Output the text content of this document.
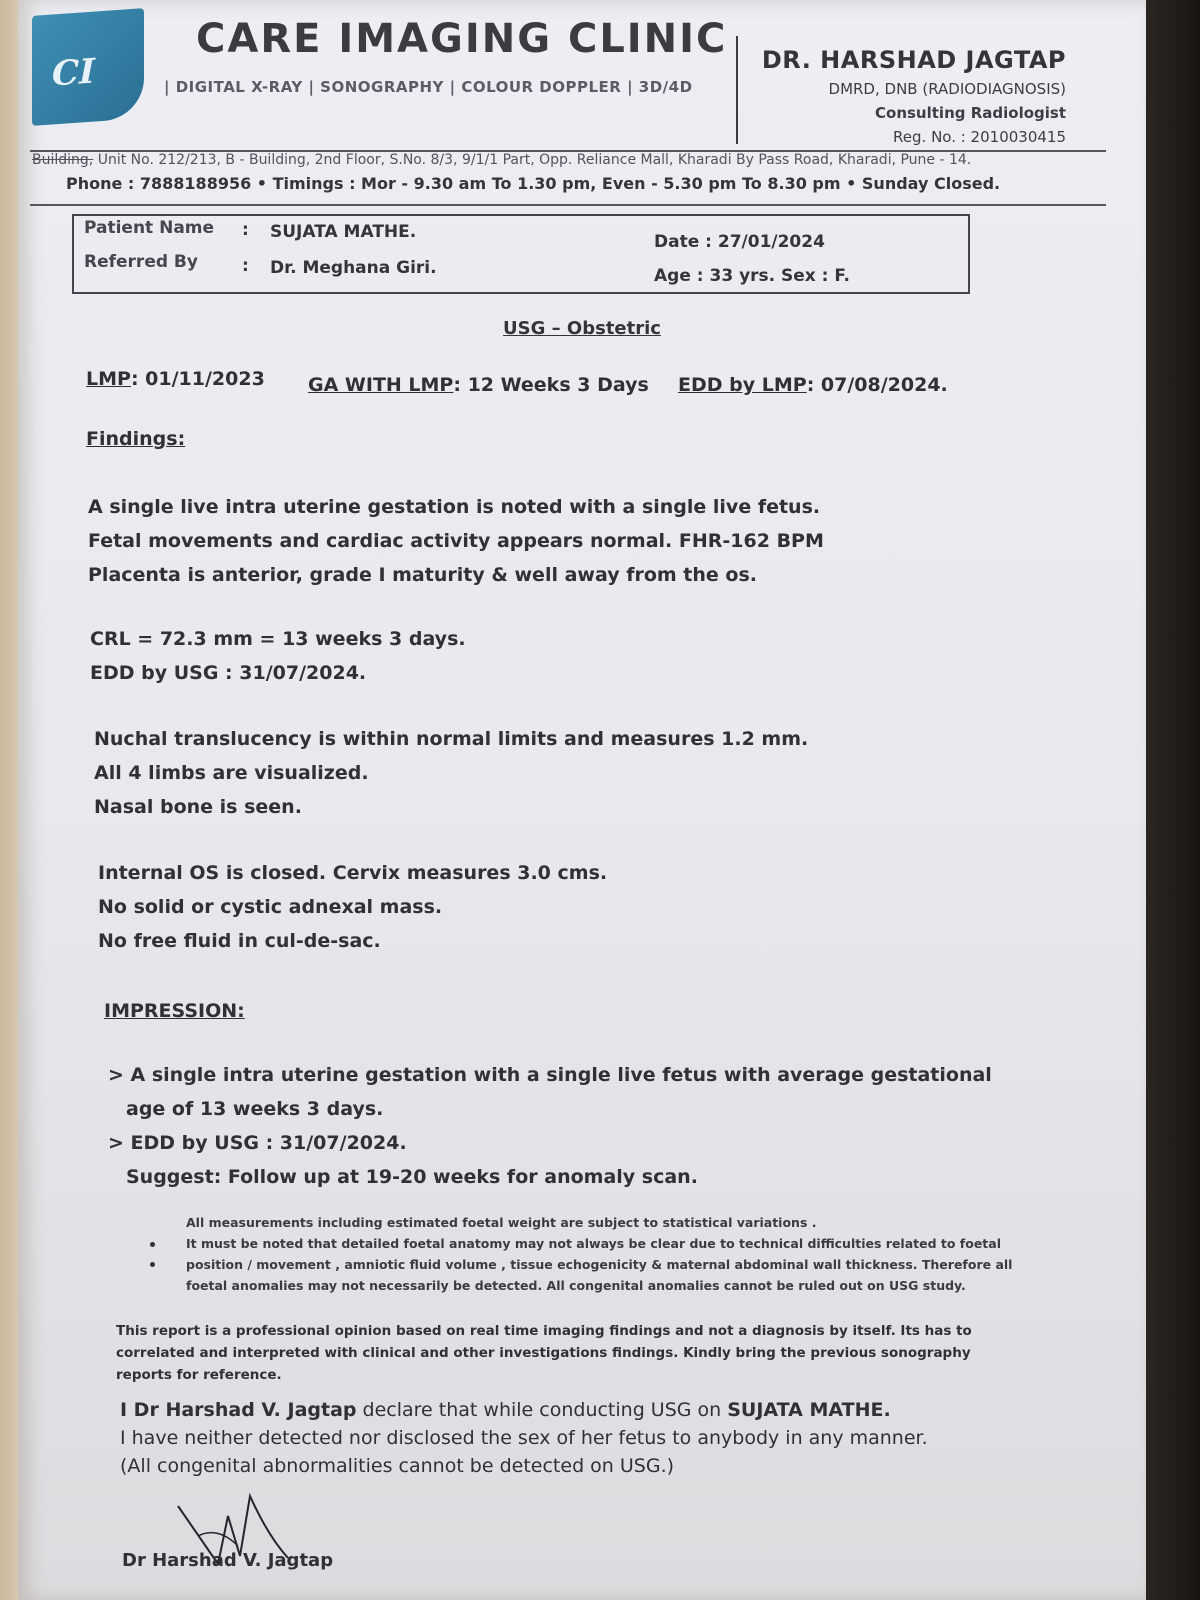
CI
CARE IMAGING CLINIC
| DIGITAL X-RAY | SONOGRAPHY | COLOUR DOPPLER | 3D/4D
DR. HARSHAD JAGTAP
DMRD, DNB (RADIODIAGNOSIS)
Consulting Radiologist
Reg. No. : 2010030415
Building, Unit No. 212/213, B - Building, 2nd Floor, S.No. 8/3, 9/1/1 Part, Opp. Reliance Mall, Kharadi By Pass Road, Kharadi, Pune - 14.
Phone : 7888188956 • Timings : Mor - 9.30 am To 1.30 pm, Even - 5.30 pm To 8.30 pm • Sunday Closed.
Patient Name : SUJATA MATHE.
Referred By	: Dr. Meghana Giri.
Date : 27/01/2024
Age : 33 yrs. Sex : F.
USG – Obstetric
LMP: 01/11/2023 GA WITH LMP: 12 Weeks 3 Days EDD by LMP: 07/08/2024.
Findings:
A single live intra uterine gestation is noted with a single live fetus.
Fetal movements and cardiac activity appears normal. FHR-162 BPM
Placenta is anterior, grade I maturity & well away from the os.
CRL = 72.3 mm = 13 weeks 3 days.
EDD by USG : 31/07/2024.
Nuchal translucency is within normal limits and measures 1.2 mm.
All 4 limbs are visualized.
Nasal bone is seen.
Internal OS is closed. Cervix measures 3.0 cms.
No solid or cystic adnexal mass.
No free fluid in cul-de-sac.
IMPRESSION:
> A single intra uterine gestation with a single live fetus with average gestational
age of 13 weeks 3 days.
> EDD by USG : 31/07/2024.
Suggest: Follow up at 19-20 weeks for anomaly scan.
All measurements including estimated foetal weight are subject to statistical variations .
It must be noted that detailed foetal anatomy may not always be clear due to technical difficulties related to foetal position / movement , amniotic fluid volume , tissue echogenicity & maternal abdominal wall thickness. Therefore all foetal anomalies may not necessarily be detected. All congenital anomalies cannot be ruled out on USG study.
This report is a professional opinion based on real time imaging findings and not a diagnosis by itself. Its has to correlated and interpreted with clinical and other investigations findings. Kindly bring the previous sonography reports for reference.
I Dr Harshad V. Jagtap declare that while conducting USG on SUJATA MATHE.
I have neither detected nor disclosed the sex of her fetus to anybody in any manner.
(All congenital abnormalities cannot be detected on USG.)
Dr Harshad V. Jagtap
